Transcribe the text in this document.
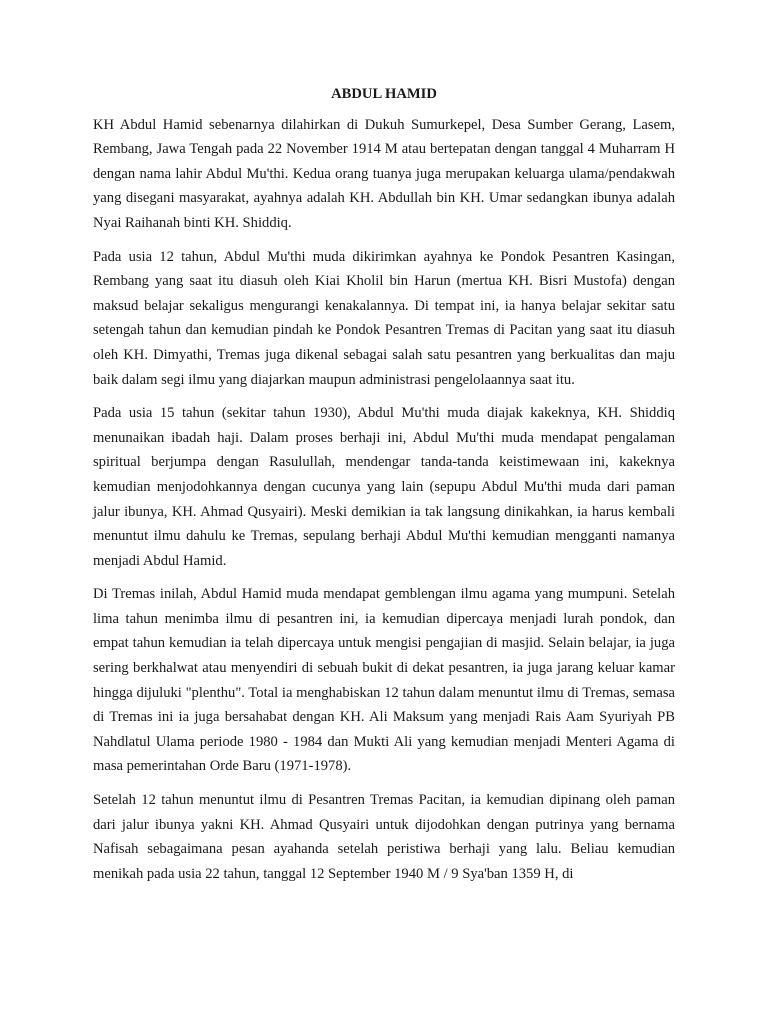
ABDUL HAMID

KH Abdul Hamid sebenarnya dilahirkan di Dukuh Sumurkepel, Desa Sumber Gerang, Lasem, Rembang, Jawa Tengah pada 22 November 1914 M atau bertepatan dengan tanggal 4 Muharram H dengan nama lahir Abdul Mu'thi. Kedua orang tuanya juga merupakan keluarga ulama/pendakwah yang disegani masyarakat, ayahnya adalah KH. Abdullah bin KH. Umar sedangkan ibunya adalah Nyai Raihanah binti KH. Shiddiq.

Pada usia 12 tahun, Abdul Mu'thi muda dikirimkan ayahnya ke Pondok Pesantren Kasingan, Rembang yang saat itu diasuh oleh Kiai Kholil bin Harun (mertua KH. Bisri Mustofa) dengan maksud belajar sekaligus mengurangi kenakalannya. Di tempat ini, ia hanya belajar sekitar satu setengah tahun dan kemudian pindah ke Pondok Pesantren Tremas di Pacitan yang saat itu diasuh oleh KH. Dimyathi, Tremas juga dikenal sebagai salah satu pesantren yang berkualitas dan maju baik dalam segi ilmu yang diajarkan maupun administrasi pengelolaannya saat itu.

Pada usia 15 tahun (sekitar tahun 1930), Abdul Mu'thi muda diajak kakeknya, KH. Shiddiq menunaikan ibadah haji. Dalam proses berhaji ini, Abdul Mu'thi muda mendapat pengalaman spiritual berjumpa dengan Rasulullah, mendengar tanda-tanda keistimewaan ini, kakeknya kemudian menjodohkannya dengan cucunya yang lain (sepupu Abdul Mu'thi muda dari paman jalur ibunya, KH. Ahmad Qusyairi). Meski demikian ia tak langsung dinikahkan, ia harus kembali menuntut ilmu dahulu ke Tremas, sepulang berhaji Abdul Mu'thi kemudian mengganti namanya menjadi Abdul Hamid.

Di Tremas inilah, Abdul Hamid muda mendapat gemblengan ilmu agama yang mumpuni. Setelah lima tahun menimba ilmu di pesantren ini, ia kemudian dipercaya menjadi lurah pondok, dan empat tahun kemudian ia telah dipercaya untuk mengisi pengajian di masjid. Selain belajar, ia juga sering berkhalwat atau menyendiri di sebuah bukit di dekat pesantren, ia juga jarang keluar kamar hingga dijuluki "plenthu". Total ia menghabiskan 12 tahun dalam menuntut ilmu di Tremas, semasa di Tremas ini ia juga bersahabat dengan KH. Ali Maksum yang menjadi Rais Aam Syuriyah PB Nahdlatul Ulama periode 1980 - 1984 dan Mukti Ali yang kemudian menjadi Menteri Agama di masa pemerintahan Orde Baru (1971-1978).

Setelah 12 tahun menuntut ilmu di Pesantren Tremas Pacitan, ia kemudian dipinang oleh paman dari jalur ibunya yakni KH. Ahmad Qusyairi untuk dijodohkan dengan putrinya yang bernama Nafisah sebagaimana pesan ayahanda setelah peristiwa berhaji yang lalu. Beliau kemudian menikah pada usia 22 tahun, tanggal 12 September 1940 M / 9 Sya'ban 1359 H, di
